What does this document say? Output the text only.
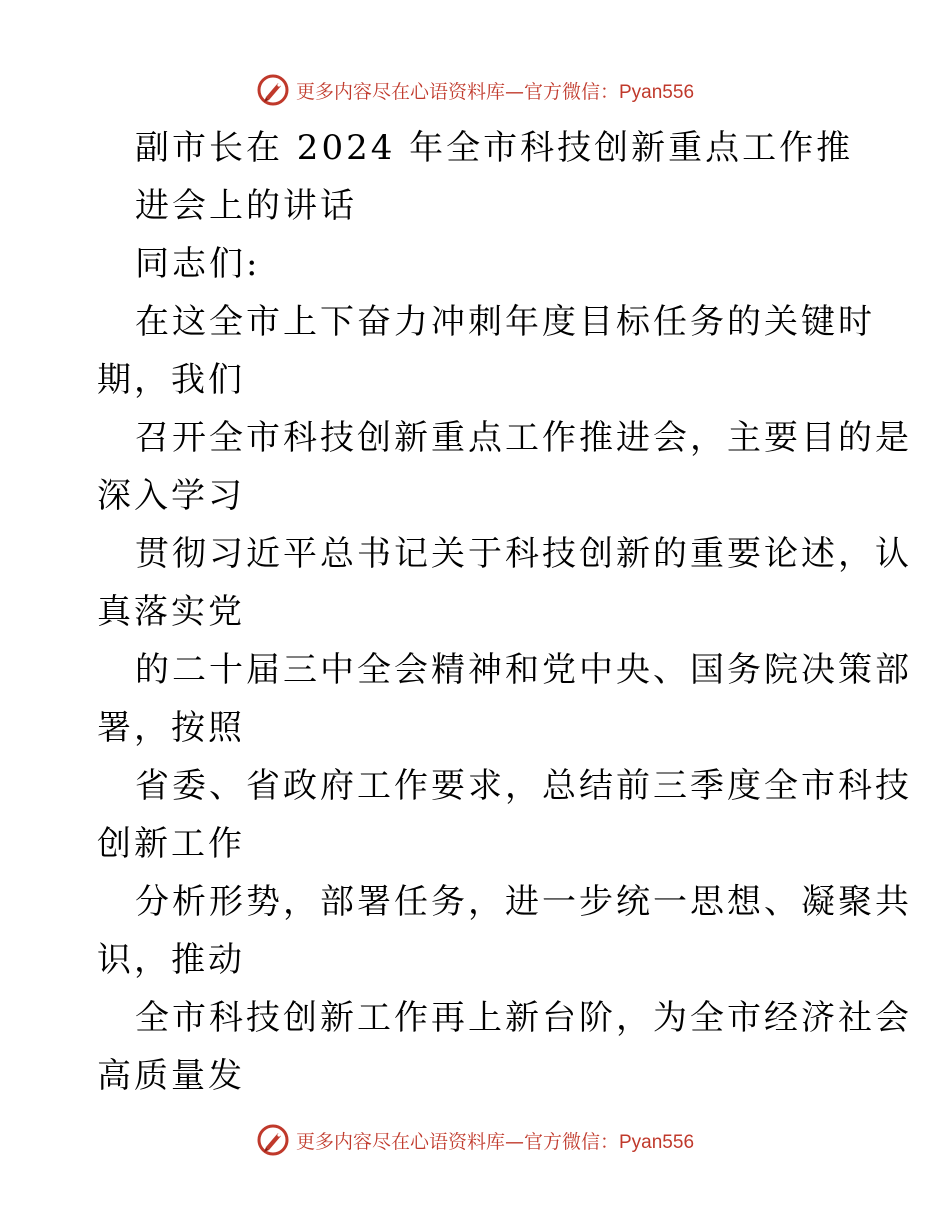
更多内容尽在心语资料库—官方微信：Pyan556
副市长在 2024 年全市科技创新重点工作推
进会上的讲话
同志们:
在这全市上下奋力冲刺年度目标任务的关键时
期，我们
召开全市科技创新重点工作推进会，主要目的是
深入学习
贯彻习近平总书记关于科技创新的重要论述，认
真落实党
的二十届三中全会精神和党中央、国务院决策部
署，按照
省委、省政府工作要求，总结前三季度全市科技
创新工作
分析形势，部署任务，进一步统一思想、凝聚共
识，推动
全市科技创新工作再上新台阶，为全市经济社会
高质量发
更多内容尽在心语资料库—官方微信：Pyan556
